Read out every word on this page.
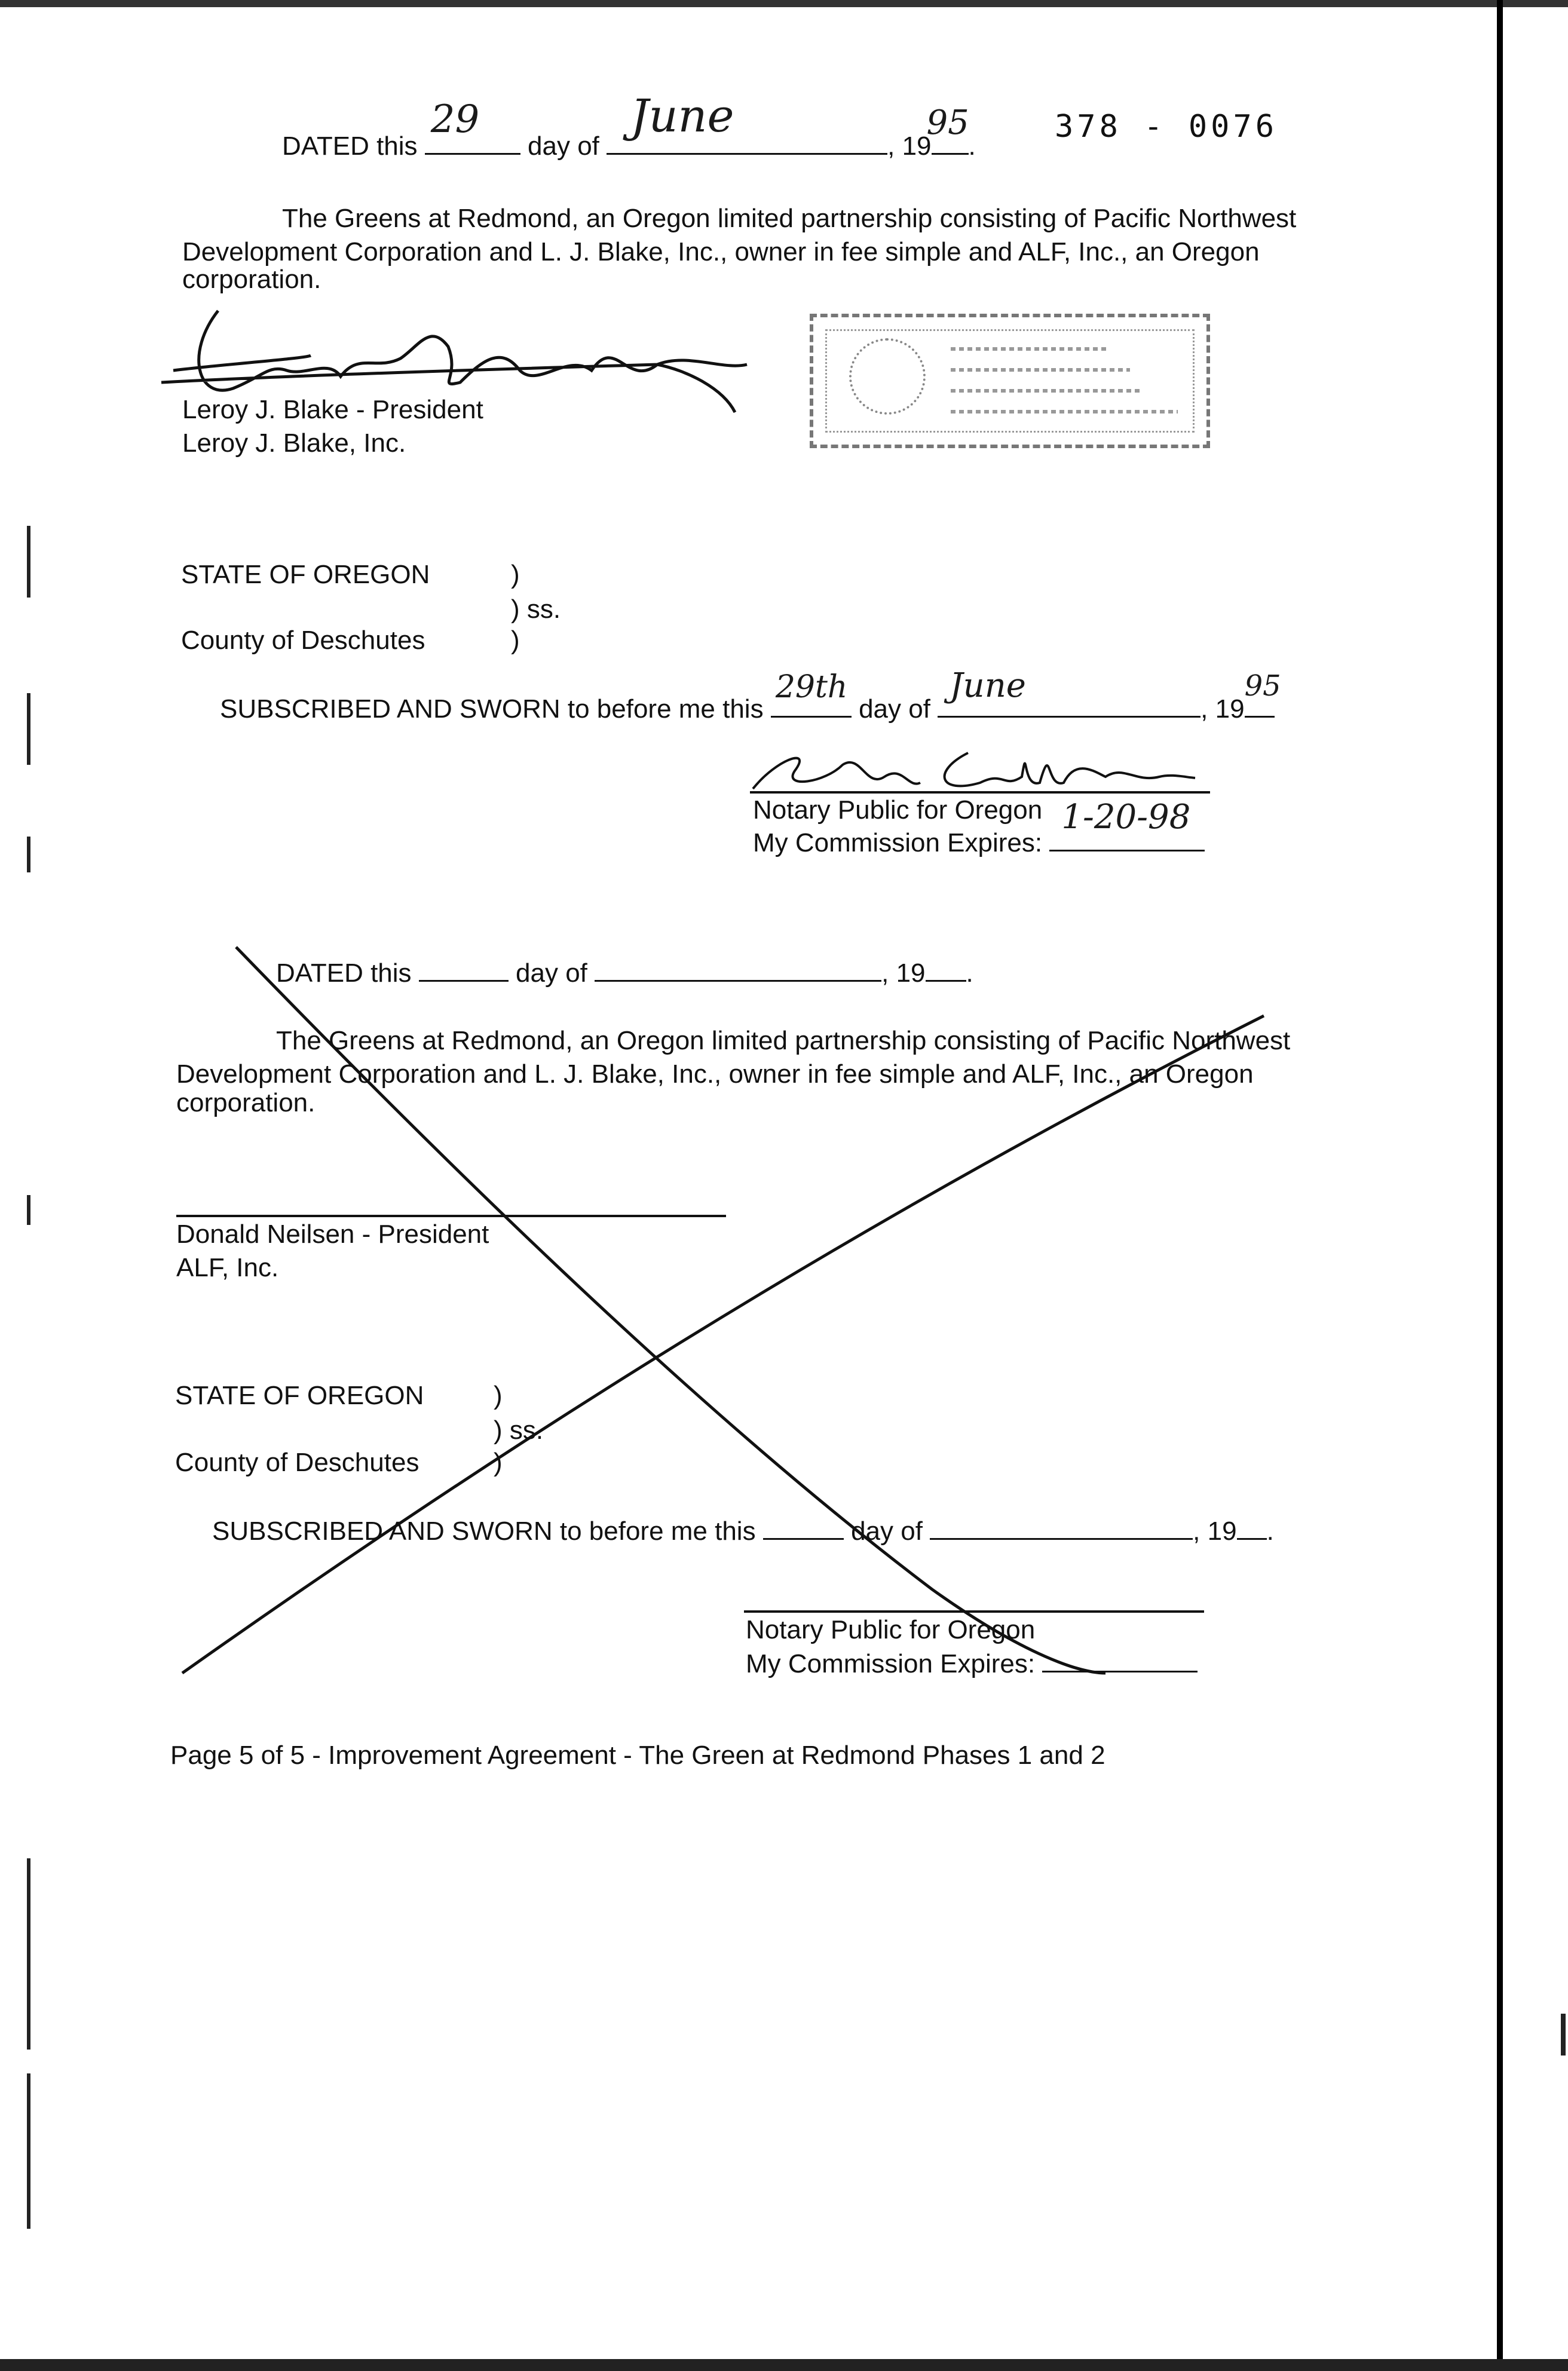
DATED this
29
day of
June
, 19
95
.
378 - 0076
The Greens at Redmond, an Oregon limited partnership consisting of Pacific Northwest
Development Corporation and L. J. Blake, Inc., owner in fee simple and ALF, Inc., an Oregon
corporation.
Leroy J. Blake - President
Leroy J. Blake, Inc.
STATE OF OREGON	)
) ss.
County of Deschutes	)
SUBSCRIBED AND SWORN to before me this
29th
day of
June
, 19
95
Notary Public for Oregon
My Commission Expires:
1-20-98
DATED this	day of	, 19 .
The Greens at Redmond, an Oregon limited partnership consisting of Pacific Northwest
Development Corporation and L. J. Blake, Inc., owner in fee simple and ALF, Inc., an Oregon
corporation.
Donald Neilsen - President
ALF, Inc.
STATE OF OREGON	)
) ss.
County of Deschutes	)
SUBSCRIBED AND SWORN to before me this	day of	, 19 .
Notary Public for Oregon
My Commission Expires:
Page 5 of 5 - Improvement Agreement - The Green at Redmond Phases 1 and 2
